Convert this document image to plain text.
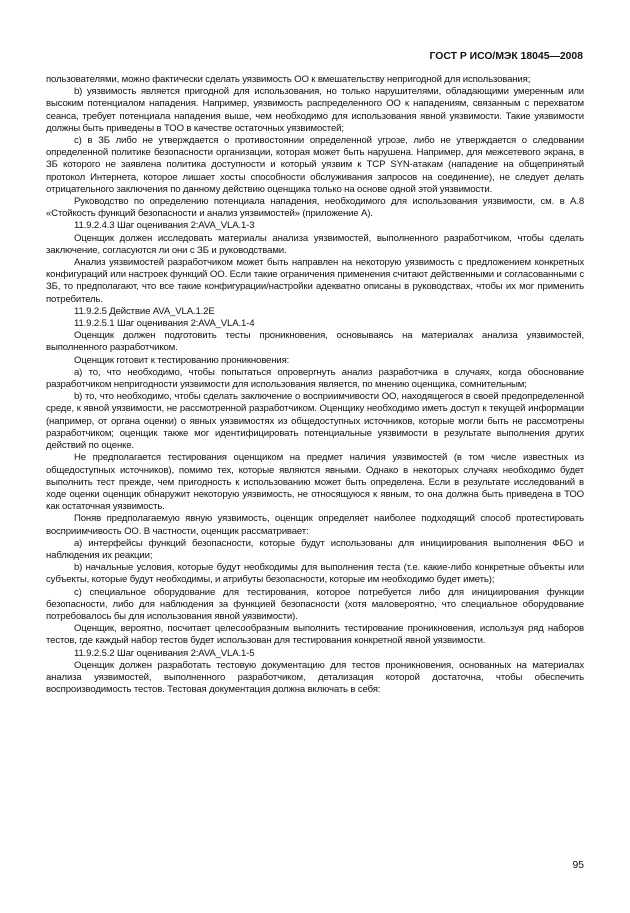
ГОСТ Р ИСО/МЭК 18045—2008

пользователями, можно фактически сделать уязвимость ОО к вмешательству непригодной для использования;

b) уязвимость является пригодной для использования, но только нарушителями, обладающими умеренным или высоким потенциалом нападения. Например, уязвимость распределенного ОО к нападениям, связанным с перехватом сеанса, требует потенциала нападения выше, чем необходимо для использования явной уязвимости. Такие уязвимости должны быть приведены в ТОО в качестве остаточных уязвимостей;

c) в ЗБ либо не утверждается о противостоянии определенной угрозе, либо не утверждается о следовании определенной политике безопасности организации, которая может быть нарушена. Например, для межсетевого экрана, в ЗБ которого не заявлена политика доступности и который уязвим к TCP SYN-атакам (нападение на общепринятый протокол Интернета, которое лишает хосты способности обслуживания запросов на соединение), не следует делать отрицательного заключения по данному действию оценщика только на основе одной этой уязвимости.

Руководство по определению потенциала нападения, необходимого для использования уязвимости, см. в А.8 «Стойкость функций безопасности и анализ уязвимостей» (приложение А).

11.9.2.4.3 Шаг оценивания 2:AVA_VLA.1-3

Оценщик должен исследовать материалы анализа уязвимостей, выполненного разработчиком, чтобы сделать заключение, согласуются ли они с ЗБ и руководствами.

Анализ уязвимостей разработчиком может быть направлен на некоторую уязвимость с предложением конкретных конфигураций или настроек функций ОО. Если такие ограничения применения считают действенными и согласованными с ЗБ, то предполагают, что все такие конфигурации/настройки адекватно описаны в руководствах, чтобы их мог применить потребитель.

11.9.2.5 Действие AVA_VLA.1.2E

11.9.2.5.1 Шаг оценивания 2:AVA_VLA.1-4

Оценщик должен подготовить тесты проникновения, основываясь на материалах анализа уязвимостей, выполненного разработчиком.

Оценщик готовит к тестированию проникновения:

a) то, что необходимо, чтобы попытаться опровергнуть анализ разработчика в случаях, когда обоснование разработчиком непригодности уязвимости для использования является, по мнению оценщика, сомнительным;

b) то, что необходимо, чтобы сделать заключение о восприимчивости ОО, находящегося в своей предопределенной среде, к явной уязвимости, не рассмотренной разработчиком. Оценщику необходимо иметь доступ к текущей информации (например, от органа оценки) о явных уязвимостях из общедоступных источников, которые могли быть не рассмотрены разработчиком; оценщик также мог идентифицировать потенциальные уязвимости в результате выполнения других действий по оценке.

Не предполагается тестирования оценщиком на предмет наличия уязвимостей (в том числе известных из общедоступных источников), помимо тех, которые являются явными. Однако в некоторых случаях необходимо будет выполнить тест прежде, чем пригодность к использованию может быть определена. Если в результате исследований в ходе оценки оценщик обнаружит некоторую уязвимость, не относящуюся к явным, то она должна быть приведена в ТОО как остаточная уязвимость.

Поняв предполагаемую явную уязвимость, оценщик определяет наиболее подходящий способ протестировать восприимчивость ОО. В частности, оценщик рассматривает:

a) интерфейсы функций безопасности, которые будут использованы для инициирования выполнения ФБО и наблюдения их реакции;

b) начальные условия, которые будут необходимы для выполнения теста (т.е. какие-либо конкретные объекты или субъекты, которые будут необходимы, и атрибуты безопасности, которые им необходимо будет иметь);

c) специальное оборудование для тестирования, которое потребуется либо для инициирования функции безопасности, либо для наблюдения за функцией безопасности (хотя маловероятно, что специальное оборудование потребовалось бы для использования явной уязвимости).

Оценщик, вероятно, посчитает целесообразным выполнить тестирование проникновения, используя ряд наборов тестов, где каждый набор тестов будет использован для тестирования конкретной явной уязвимости.

11.9.2.5.2 Шаг оценивания 2:AVA_VLA.1-5

Оценщик должен разработать тестовую документацию для тестов проникновения, основанных на материалах анализа уязвимостей, выполненного разработчиком, детализация которой достаточна, чтобы обеспечить воспроизводимость тестов. Тестовая документация должна включать в себя:

95
